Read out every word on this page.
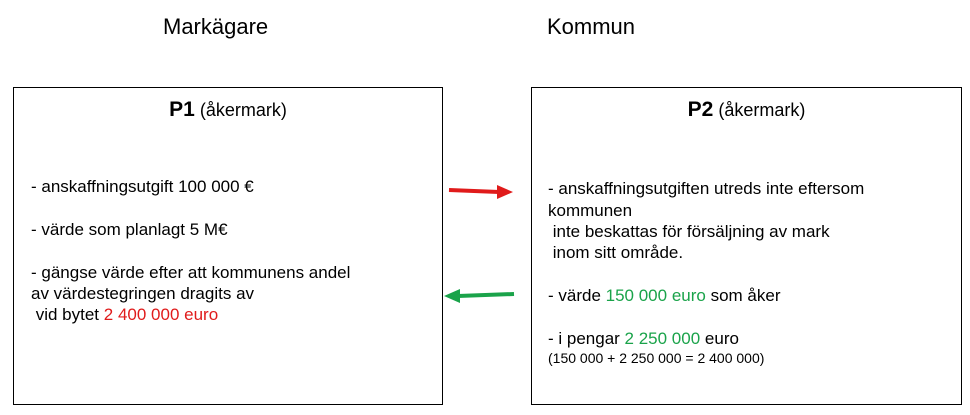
Markägare	Kommun
P1 (åkermark)
- anskaffningsutgift 100 000 €
- värde som planlagt 5 M€
- gängse värde efter att kommunens andel
av värdestegringen dragits av
vid bytet 2 400 000 euro
P2 (åkermark)
- anskaffningsutgiften utreds inte eftersom
kommunen
inte beskattas för försäljning av mark
inom sitt område.
- värde 150 000 euro som åker
- i pengar 2 250 000 euro
(150 000 + 2 250 000 = 2 400 000)
